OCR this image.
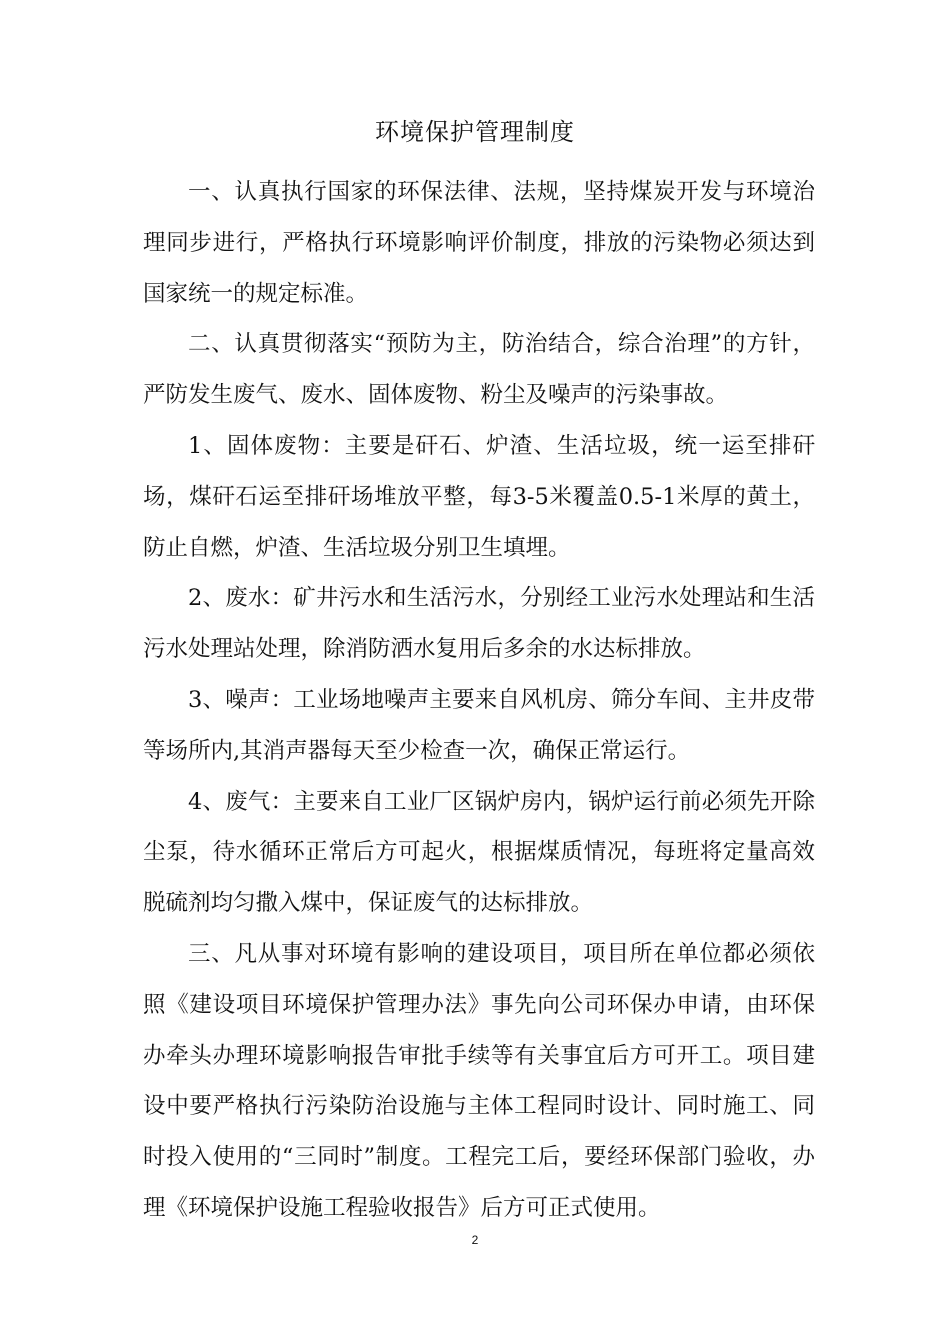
环境保护管理制度

一、认真执行国家的环保法律、法规，坚持煤炭开发与环境治理同步进行，严格执行环境影响评价制度，排放的污染物必须达到国家统一的规定标准。

二、认真贯彻落实“预防为主，防治结合，综合治理”的方针，严防发生废气、废水、固体废物、粉尘及噪声的污染事故。

1、固体废物：主要是矸石、炉渣、生活垃圾，统一运至排矸场，煤矸石运至排矸场堆放平整，每3-5米覆盖0.5-1米厚的黄土，防止自燃，炉渣、生活垃圾分别卫生填埋。

2、废水：矿井污水和生活污水，分别经工业污水处理站和生活污水处理站处理，除消防洒水复用后多余的水达标排放。

3、噪声：工业场地噪声主要来自风机房、筛分车间、主井皮带等场所内,其消声器每天至少检查一次，确保正常运行。

4、废气：主要来自工业厂区锅炉房内，锅炉运行前必须先开除尘泵，待水循环正常后方可起火，根据煤质情况，每班将定量高效脱硫剂均匀撒入煤中，保证废气的达标排放。

三、凡从事对环境有影响的建设项目，项目所在单位都必须依照《建设项目环境保护管理办法》事先向公司环保办申请，由环保办牵头办理环境影响报告审批手续等有关事宜后方可开工。项目建设中要严格执行污染防治设施与主体工程同时设计、同时施工、同时投入使用的“三同时”制度。工程完工后，要经环保部门验收，办理《环境保护设施工程验收报告》后方可正式使用。

2
